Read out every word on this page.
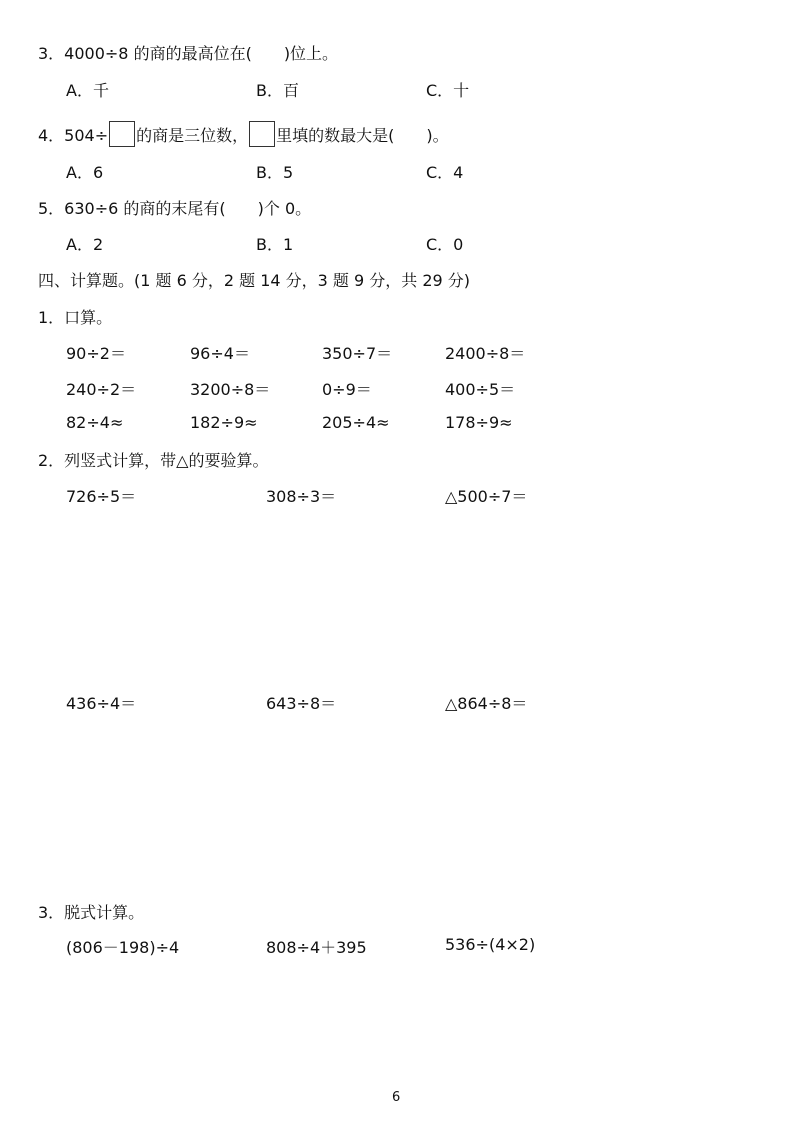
3．4000÷8 的商的最高位在(　　)位上。
A．千	B．百	C．十
4．504÷ 的商是三位数， 里填的数最大是(　　)。
A．6	B．5	C．4
5．630÷6 的商的末尾有(　　)个 0。
A．2	B．1	C．0
四、计算题。(1 题 6 分，2 题 14 分，3 题 9 分，共 29 分)
1．口算。
90÷2＝	96÷4＝	350÷7＝	2400÷8＝
240÷2＝	3200÷8＝	0÷9＝	400÷5＝
82÷4≈	182÷9≈	205÷4≈	178÷9≈
2．列竖式计算，带△的要验算。
726÷5＝	308÷3＝	△500÷7＝
436÷4＝	643÷8＝	△864÷8＝
3．脱式计算。
(806－198)÷4	808÷4＋395	536÷(4×2)
6
